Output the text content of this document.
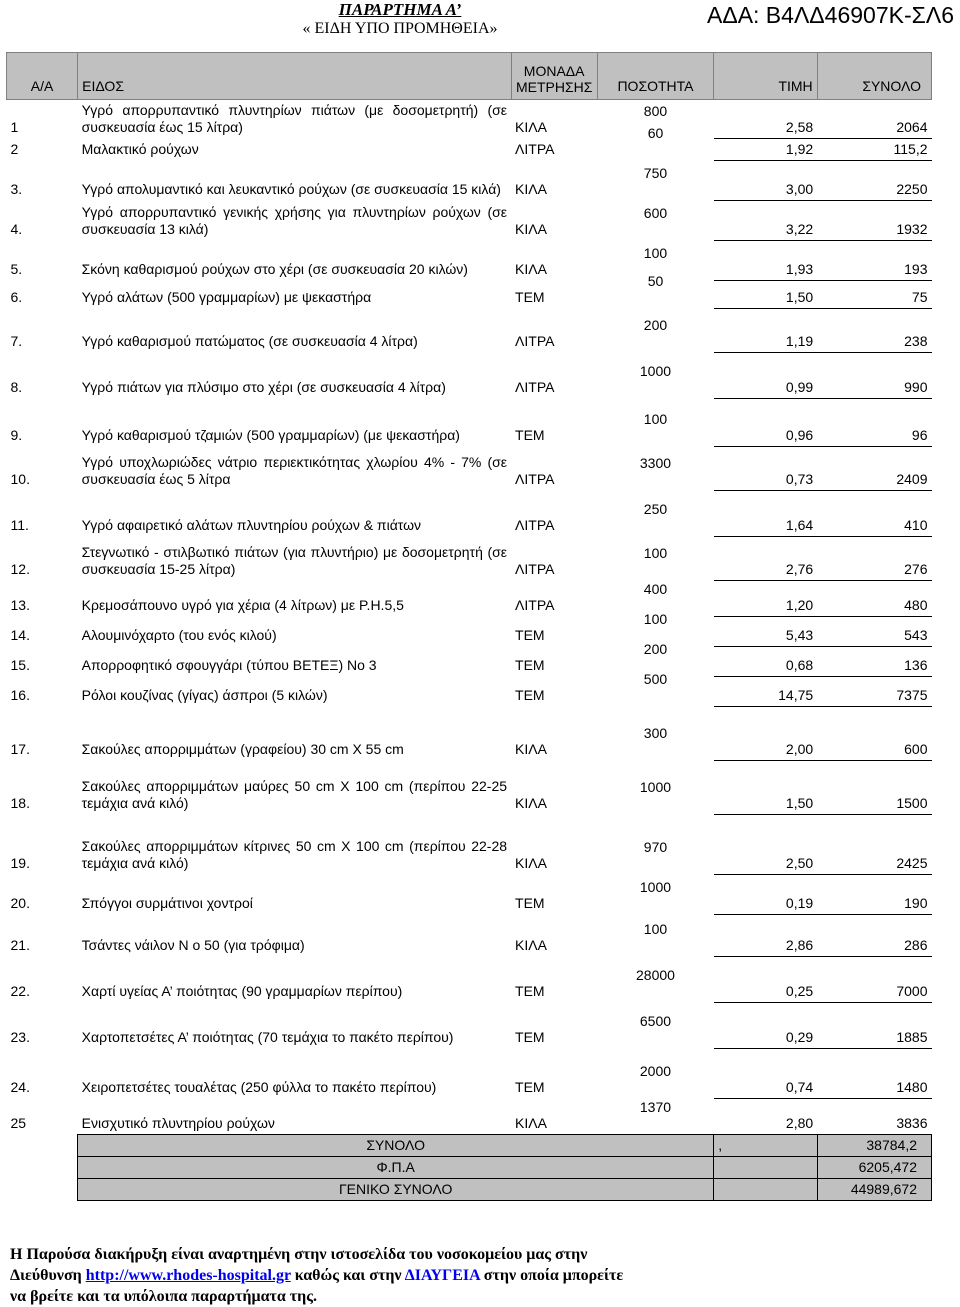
ΠΑΡΑΡΤΗΜΑ Α’
« ΕΙΔΗ ΥΠΟ ΠΡΟΜΗΘΕΙΑ»
ΑΔΑ: Β4ΛΔ46907Κ-ΣΛ6
Α/Α	ΕΙΔΟΣ	ΜΟΝΑΔΑ ΜΕΤΡΗΣΗΣ	ΠΟΣΟΤΗΤΑ	ΤΙΜΗ	ΣΥΝΟΛΟ
1	Υγρό απορρυπαντικό πλυντηρίων πιάτων (με δοσομετρητή) (σε συσκευασία έως 15 λίτρα)	ΚΙΛΑ	800	2,58	2064
2	Μαλακτικό ρούχων	ΛΙΤΡΑ	60	1,92	115,2
3.	Υγρό απολυμαντικό και λευκαντικό ρούχων (σε συσκευασία 15 κιλά)	ΚΙΛΑ	750	3,00	2250
4.	Υγρό απορρυπαντικό γενικής χρήσης για πλυντηρίων ρούχων (σε συσκευασία 13 κιλά)	ΚΙΛΑ	600	3,22	1932
5.	Σκόνη καθαρισμού ρούχων στο χέρι (σε συσκευασία 20 κιλών)	ΚΙΛΑ	100	1,93	193
6.	Υγρό αλάτων (500 γραμμαρίων) με ψεκαστήρα	ΤΕΜ	50	1,50	75
7.	Υγρό καθαρισμού πατώματος (σε συσκευασία 4 λίτρα)	ΛΙΤΡΑ	200	1,19	238
8.	Υγρό πιάτων για πλύσιμο στο χέρι (σε συσκευασία 4 λίτρα)	ΛΙΤΡΑ	1000	0,99	990
9.	Υγρό καθαρισμού τζαμιών (500 γραμμαρίων) (με ψεκαστήρα)	ΤΕΜ	100	0,96	96
10.	Υγρό υποχλωριώδες νάτριο περιεκτικότητας χλωρίου 4% - 7% (σε συσκευασία έως 5 λίτρα	ΛΙΤΡΑ	3300	0,73	2409
11.	Υγρό αφαιρετικό αλάτων πλυντηρίου ρούχων & πιάτων	ΛΙΤΡΑ	250	1,64	410
12.	Στεγνωτικό - στιλβωτικό πιάτων (για πλυντήριο) με δοσομετρητή (σε συσκευασία 15-25 λίτρα)	ΛΙΤΡΑ	100	2,76	276
13.	Κρεμοσάπουνο υγρό για χέρια (4 λίτρων) με Ρ.Η.5,5	ΛΙΤΡΑ	400	1,20	480
14.	Αλουμινόχαρτο (του ενός κιλού)	ΤΕΜ	100	5,43	543
15.	Απορροφητικό σφουγγάρι (τύπου ΒΕΤΕΞ) Νο 3	ΤΕΜ	200	0,68	136
16.	Ρόλοι κουζίνας (γίγας) άσπροι (5 κιλών)	ΤΕΜ	500	14,75	7375
17.	Σακούλες απορριμμάτων (γραφείου) 30 cm X 55 cm	ΚΙΛΑ	300	2,00	600
18.	Σακούλες απορριμμάτων μαύρες 50 cm X 100 cm (περίπου 22-25 τεμάχια ανά κιλό)	ΚΙΛΑ	1000	1,50	1500
19.	Σακούλες απορριμμάτων κίτρινες 50 cm X 100 cm (περίπου 22-28 τεμάχια ανά κιλό)	ΚΙΛΑ	970	2,50	2425
20.	Σπόγγοι συρμάτινοι χοντροί	ΤΕΜ	1000	0,19	190
21.	Τσάντες νάιλον Ν ο 50 (για τρόφιμα)	ΚΙΛΑ	100	2,86	286
22.	Χαρτί υγείας Α’ ποιότητας (90 γραμμαρίων περίπου)	ΤΕΜ	28000	0,25	7000
23.	Χαρτοπετσέτες Α’ ποιότητας (70 τεμάχια το πακέτο περίπου)	ΤΕΜ	6500	0,29	1885
24.	Χειροπετσέτες τουαλέτας (250 φύλλα το πακέτο περίπου)	ΤΕΜ	2000	0,74	1480
25	Ενισχυτικό πλυντηρίου ρούχων	ΚΙΛΑ	1370	2,80	3836
	ΣΥΝΟΛΟ			,	38784,2
	Φ.Π.Α				6205,472
	ΓΕΝΙΚΟ ΣΥΝΟΛΟ				44989,672
Η Παρούσα διακήρυξη είναι αναρτημένη στην ιστοσελίδα του νοσοκομείου μας στην
Διεύθυνση http://www.rhodes-hospital.gr καθώς και στην ΔΙΑΥΓΕΙΑ στην οποία μπορείτε
να βρείτε και τα υπόλοιπα παραρτήματα της.
